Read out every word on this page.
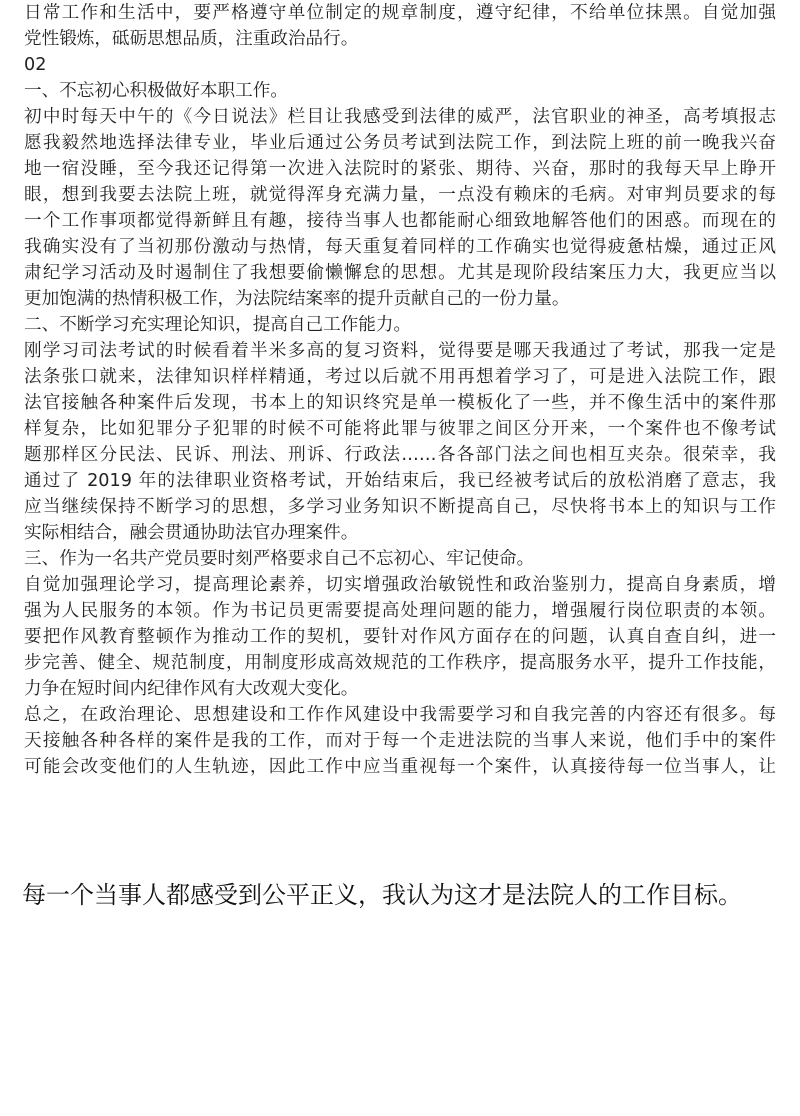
日常工作和生活中，要严格遵守单位制定的规章制度，遵守纪律，不给单位抹黑。自觉加强
党性锻炼，砥砺思想品质，注重政治品行。
02
一、不忘初心积极做好本职工作。
初中时每天中午的《今日说法》栏目让我感受到法律的威严，法官职业的神圣，高考填报志
愿我毅然地选择法律专业，毕业后通过公务员考试到法院工作，到法院上班的前一晚我兴奋
地一宿没睡，至今我还记得第一次进入法院时的紧张、期待、兴奋，那时的我每天早上睁开
眼，想到我要去法院上班，就觉得浑身充满力量，一点没有赖床的毛病。对审判员要求的每
一个工作事项都觉得新鲜且有趣，接待当事人也都能耐心细致地解答他们的困惑。而现在的
我确实没有了当初那份激动与热情，每天重复着同样的工作确实也觉得疲惫枯燥，通过正风
肃纪学习活动及时遏制住了我想要偷懒懈怠的思想。尤其是现阶段结案压力大，我更应当以
更加饱满的热情积极工作，为法院结案率的提升贡献自己的一份力量。
二、不断学习充实理论知识，提高自己工作能力。
刚学习司法考试的时候看着半米多高的复习资料，觉得要是哪天我通过了考试，那我一定是
法条张口就来，法律知识样样精通，考过以后就不用再想着学习了，可是进入法院工作，跟
法官接触各种案件后发现，书本上的知识终究是单一模板化了一些，并不像生活中的案件那
样复杂，比如犯罪分子犯罪的时候不可能将此罪与彼罪之间区分开来，一个案件也不像考试
题那样区分民法、民诉、刑法、刑诉、行政法……各各部门法之间也相互夹杂。很荣幸，我
通过了 2019 年的法律职业资格考试，开始结束后，我已经被考试后的放松消磨了意志，我
应当继续保持不断学习的思想，多学习业务知识不断提高自己，尽快将书本上的知识与工作
实际相结合，融会贯通协助法官办理案件。
三、作为一名共产党员要时刻严格要求自己不忘初心、牢记使命。
自觉加强理论学习，提高理论素养，切实增强政治敏锐性和政治鉴别力，提高自身素质，增
强为人民服务的本领。作为书记员更需要提高处理问题的能力，增强履行岗位职责的本领。
要把作风教育整顿作为推动工作的契机，要针对作风方面存在的问题，认真自查自纠，进一
步完善、健全、规范制度，用制度形成高效规范的工作秩序，提高服务水平，提升工作技能，
力争在短时间内纪律作风有大改观大变化。
总之，在政治理论、思想建设和工作作风建设中我需要学习和自我完善的内容还有很多。每
天接触各种各样的案件是我的工作，而对于每一个走进法院的当事人来说，他们手中的案件
可能会改变他们的人生轨迹，因此工作中应当重视每一个案件，认真接待每一位当事人，让
每一个当事人都感受到公平正义，我认为这才是法院人的工作目标。
